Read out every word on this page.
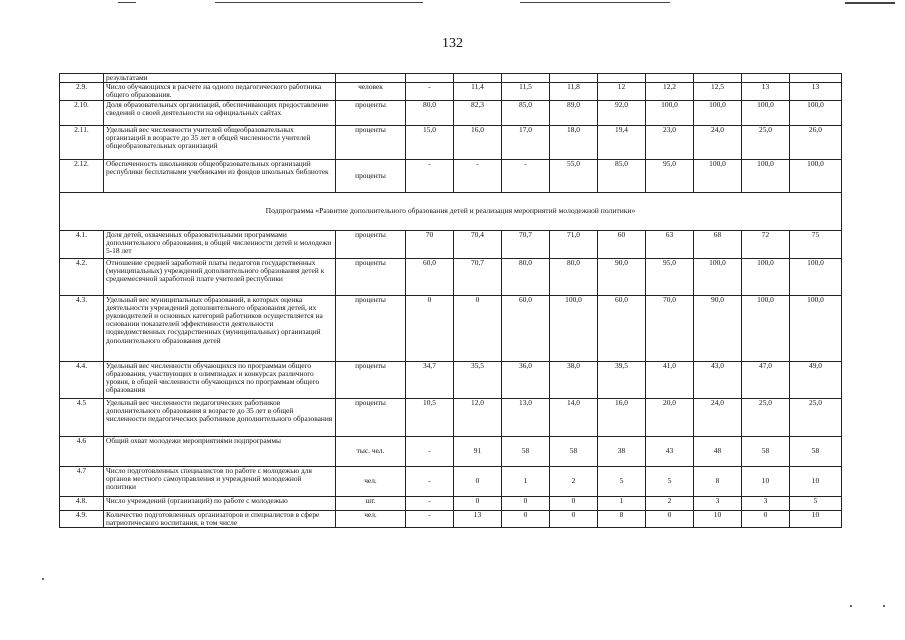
132
	результатами										
2.9.	Число обучающихся в расчете на одного педагогического работника общего образования.	человек	-	11,4	11,5	11,8	12	12,2	12,5	13	13
2.10.	Доля образовательных организаций, обеспечивающих предоставление сведений о своей деятельности на официальных сайтах	проценты	80,0	82,3	85,0	89,0	92,0	100,0	100,0	100,0	100,0
2.11.	Удельный вес численности учителей общеобразовательных организаций в возрасте до 35 лет в общей численности учителей общеобразовательных организаций	проценты	15,0	16,0	17,0	18,0	19,4	23,0	24,0	25,0	26,0
2.12.	Обеспеченность школьников общеобразовательных организаций республики бесплатными учебниками из фондов школьных библиотек	проценты	-	-	-	55,0	85,0	95,0	100,0	100,0	100,0
Подпрограмма «Развитие дополнительного образования детей и реализация мероприятий молодежной политики»											
4.1.	Доля детей, охваченных образовательными программами дополнительного образования, в общей численности детей и молодежи 5-18 лет	проценты	70	70,4	70,7	71,0	60	63	68	72	75
4.2.	Отношение средней заработной платы педагогов государственных (муниципальных) учреждений дополнительного образования детей к среднемесячной заработной плате учителей республики	проценты	60,0	70,7	80,0	80,0	90,0	95,0	100,0	100,0	100,0
4.3.	Удельный вес муниципальных образований, в которых оценка деятельности учреждений дополнительного образования детей, их руководителей и основных категорий работников осуществляется на основании показателей эффективности деятельности подведомственных государственных (муниципальных) организаций дополнительного образования детей	проценты	0	0	60,0	100,0	60,0	70,0	90,0	100,0	100,0
4.4.	Удельный вес численности обучающихся по программам общего образования, участвующих в олимпиадах и конкурсах различного уровня, в общей численности обучающихся по программам общего образования	проценты	34,7	35,5	36,0	38,0	39,5	41,0	43,0	47,0	49,0
4.5	Удельный вес численности педагогических работников дополнительного образования в возрасте до 35 лет в общей численности педагогических работников дополнительного образования	проценты	10,5	12,0	13,0	14,0	16,0	20,0	24,0	25,0	25,0
4.6	Общий охват молодежи мероприятиями подпрограммы	тыс. чел.	-	91	58	58	38	43	48	58	58
4.7	Число подготовленных специалистов по работе с молодежью для органов местного самоуправления и учреждений молодежной политики	чел.	-	0	1	2	5	5	8	10	10
4.8.	Число учреждений (организаций) по работе с молодежью	шт.	-	0	0	0	1	2	3	3	5
4.9.	Количество подготовленных организаторов и специалистов в сфере патриотического воспитания, в том числе	чел.	-	13	0	0	8	0	10	0	10
